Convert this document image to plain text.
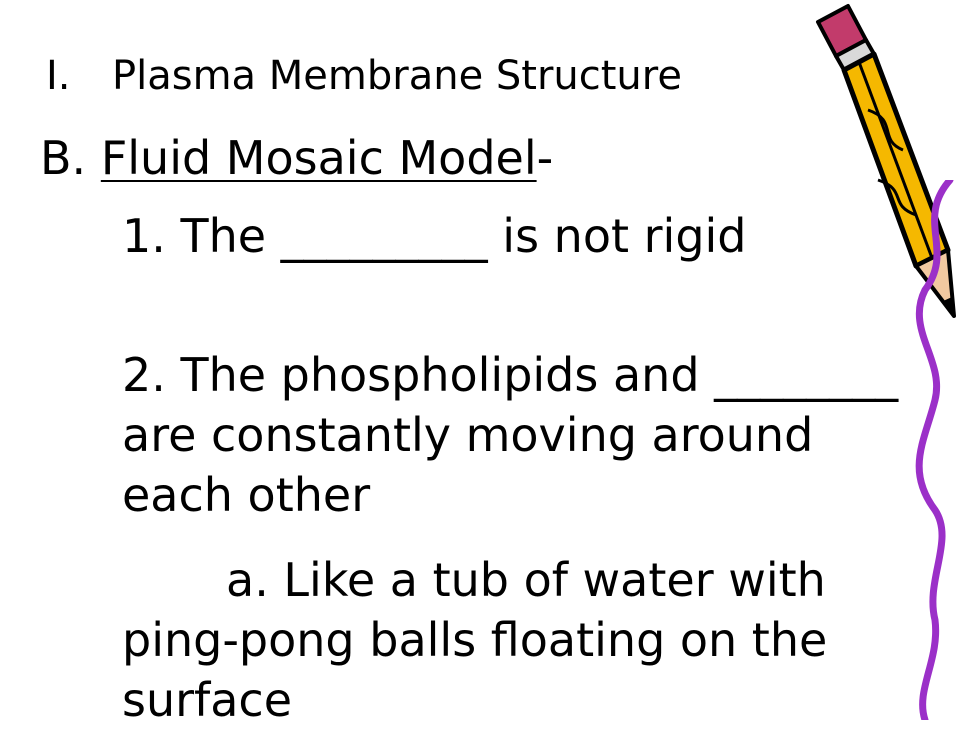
I. Plasma Membrane Structure
B. Fluid Mosaic Model-
1. The _________ is not rigid
2. The phospholipids and ________ are constantly moving around each other
a. Like a tub of water with ping-pong balls floating on the surface
